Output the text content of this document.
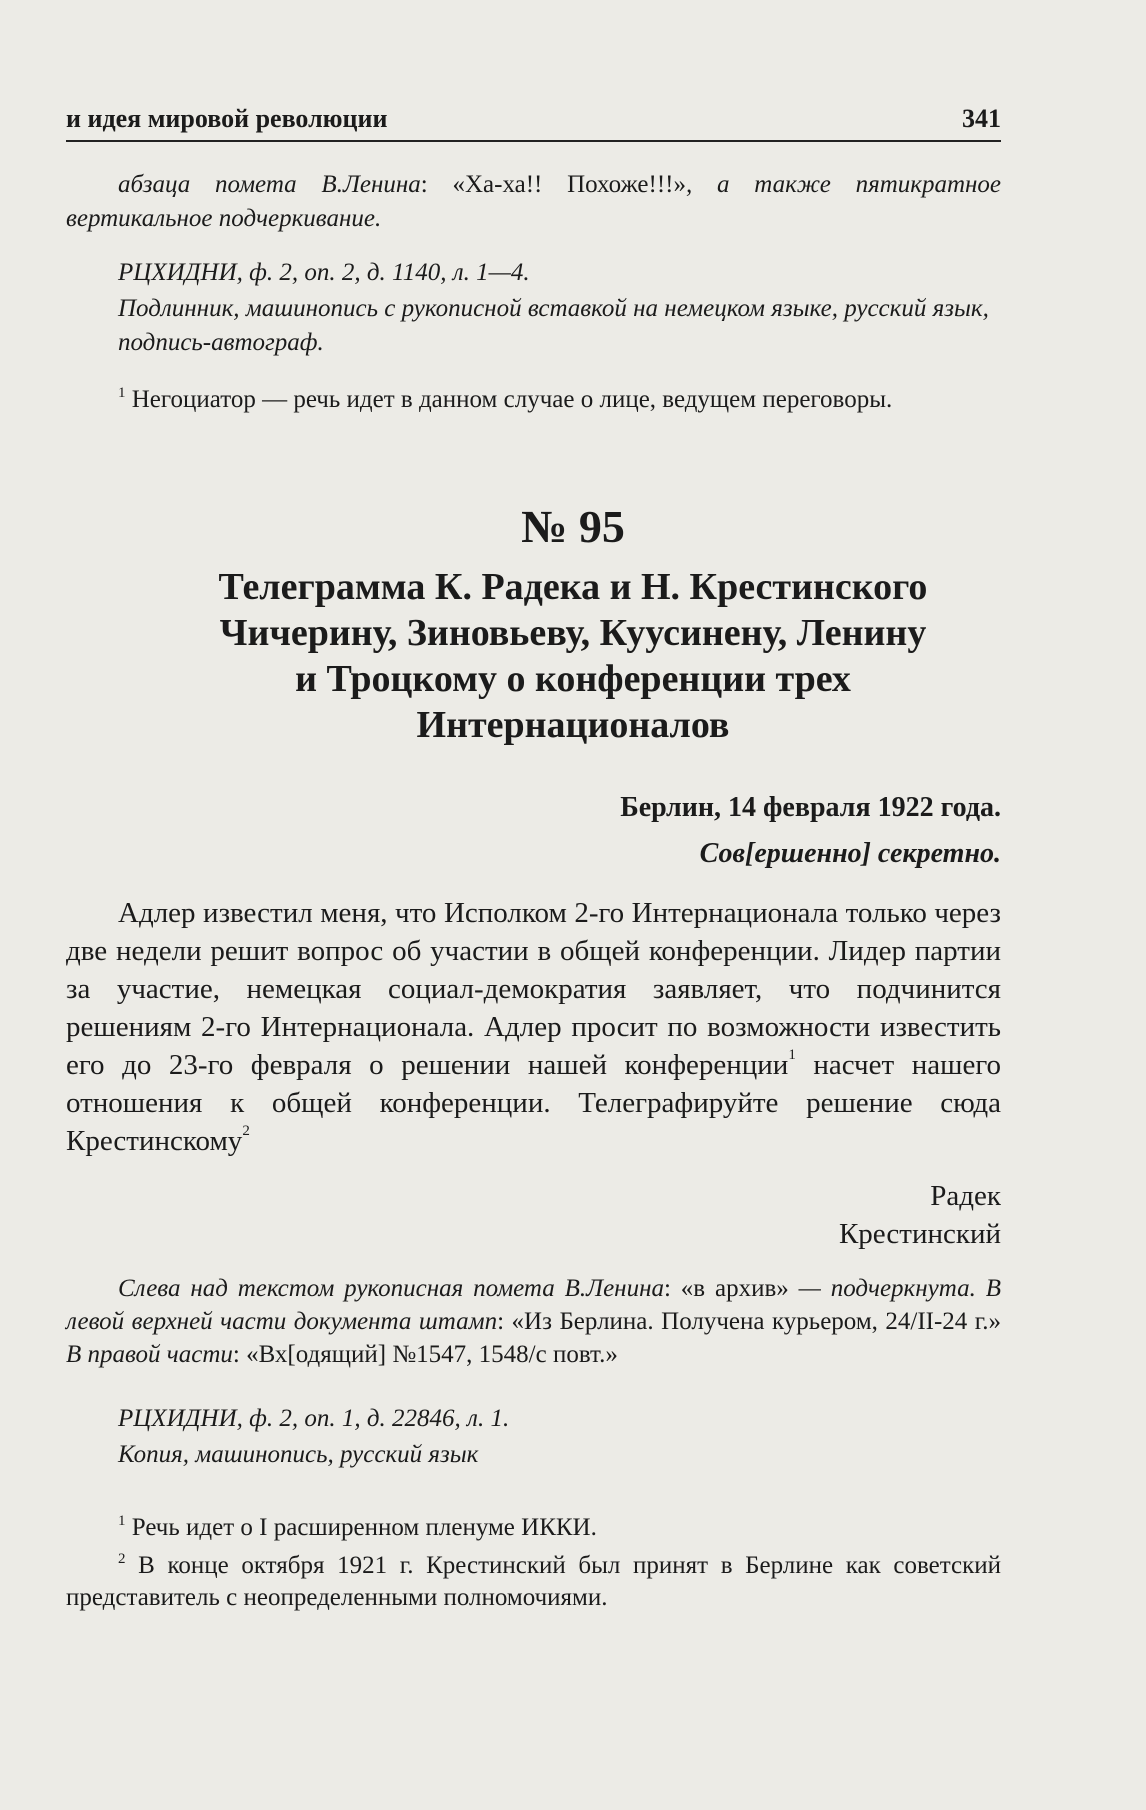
и идея мировой революции	341
абзаца помета В.Ленина: «Ха-ха!! Похоже!!!», а также пятикратное вертикальное подчеркивание.
РЦХИДНИ, ф. 2, оп. 2, д. 1140, л. 1—4.
Подлинник, машинопись с рукописной вставкой на немецком языке, русский язык, подпись-автограф.
$^1$ Негоциатор — речь идет в данном случае о лице, ведущем переговоры.
№ 95
Телеграмма К. Радека и Н. Крестинского
Чичерину, Зиновьеву, Куусинену, Ленину
и Троцкому о конференции трех
Интернационалов
Берлин, 14 февраля 1922 года.
Сов[ершенно] секретно.
Адлер известил меня, что Исполком 2-го Интернационала только через две недели решит вопрос об участии в общей конференции. Лидер партии за участие, немецкая социал-демократия заявляет, что подчинится решениям 2-го Интернационала. Адлер просит по возможности известить его до 23-го февраля о решении нашей конференции$^1$ насчет нашего отношения к общей конференции. Телеграфируйте решение сюда Крестинскому$^2$
Радек
Крестинский
Слева над текстом рукописная помета В.Ленина: «в архив» — подчеркнута. В левой верхней части документа штамп: «Из Берлина. Получена курьером, 24/II-24 г.» В правой части: «Вх[одящий] №1547, 1548/с повт.»
РЦХИДНИ, ф. 2, оп. 1, д. 22846, л. 1.
Копия, машинопись, русский язык
$^1$ Речь идет о I расширенном пленуме ИККИ.
$^2$ В конце октября 1921 г. Крестинский был принят в Берлине как советский представитель с неопределенными полномочиями.
